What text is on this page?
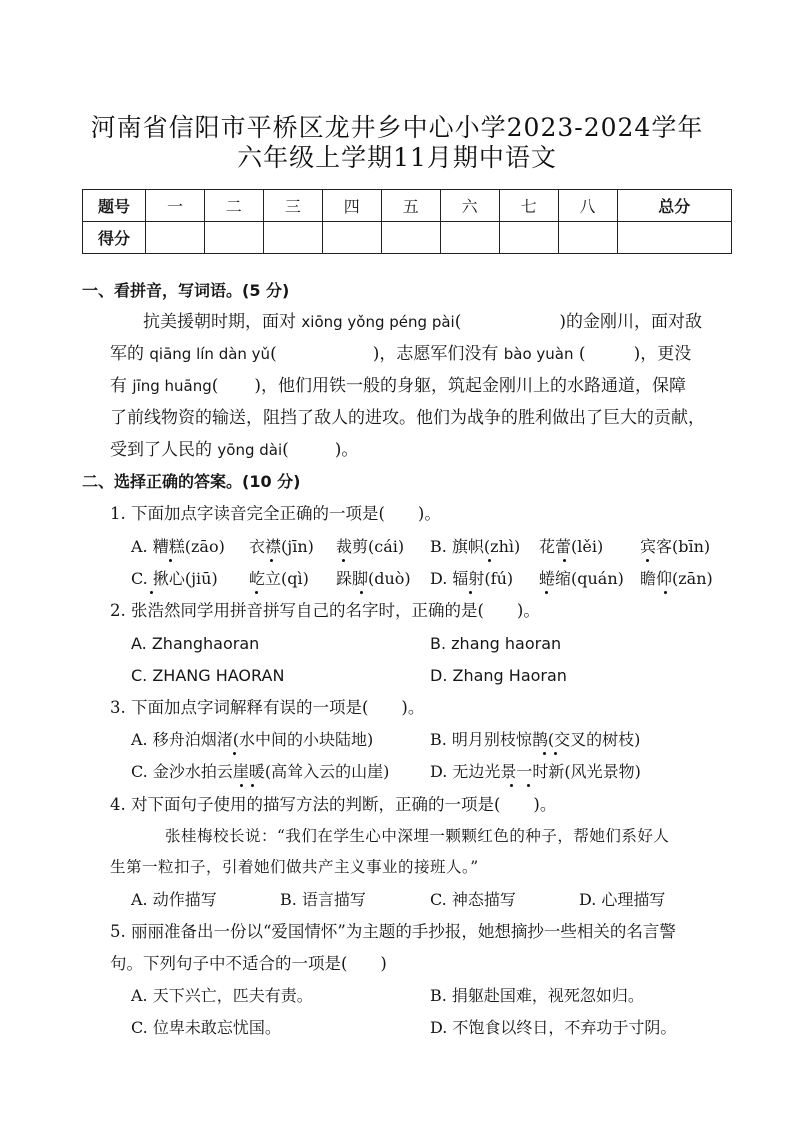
河南省信阳市平桥区龙井乡中心小学2023-2024学年
六年级上学期11月期中语文
题号	一	二	三	四	五	六	七	八	总分
得分									
一、看拼音，写词语。(5 分)
抗美援朝时期，面对 xiōng yǒng péng pài(	)的金刚川，面对敌
军的 qiāng lín dàn yǔ(	)，志愿军们没有 bào yuàn (	)，更没
有 jīng huāng( )，他们用铁一般的身躯，筑起金刚川上的水路通道，保障
了前线物资的输送，阻挡了敌人的进攻。他们为战争的胜利做出了巨大的贡献，
受到了人民的 yōng dài(	)。
二、选择正确的答案。(10 分)
1. 下面加点字读音完全正确的一项是(　　)。
A. 糟糕(zāo) 衣襟(jīn) 裁剪(cái) B. 旗帜(zhì) 花蕾(lěi) 宾客(bīn)
C. 揪心(jiū) 屹立(qì) 跺脚(duò) D. 辐射(fú) 蜷缩(quán) 瞻仰(zān)
2. 张浩然同学用拼音拼写自己的名字时，正确的是(　　)。
A. Zhanghaoran	B. zhang haoran
C. ZHANG HAORAN	D. Zhang Haoran
3. 下面加点字词解释有误的一项是(　　)。
A. 移舟泊烟渚(水中间的小块陆地)	B. 明月别枝惊鹊(交叉的树枝)
C. 金沙水拍云崖暖(高耸入云的山崖)	D. 无边光景一时新(风光景物)
4. 对下面句子使用的描写方法的判断，正确的一项是(　　)。
张桂梅校长说：“我们在学生心中深埋一颗颗红色的种子，帮她们系好人
生第一粒扣子，引着她们做共产主义事业的接班人。”
A. 动作描写	B. 语言描写	C. 神态描写	D. 心理描写
5. 丽丽准备出一份以“爱国情怀”为主题的手抄报，她想摘抄一些相关的名言警
句。下列句子中不适合的一项是(　　)
A. 天下兴亡，匹夫有责。	B. 捐躯赴国难，视死忽如归。
C. 位卑未敢忘忧国。	D. 不饱食以终日，不弃功于寸阴。
